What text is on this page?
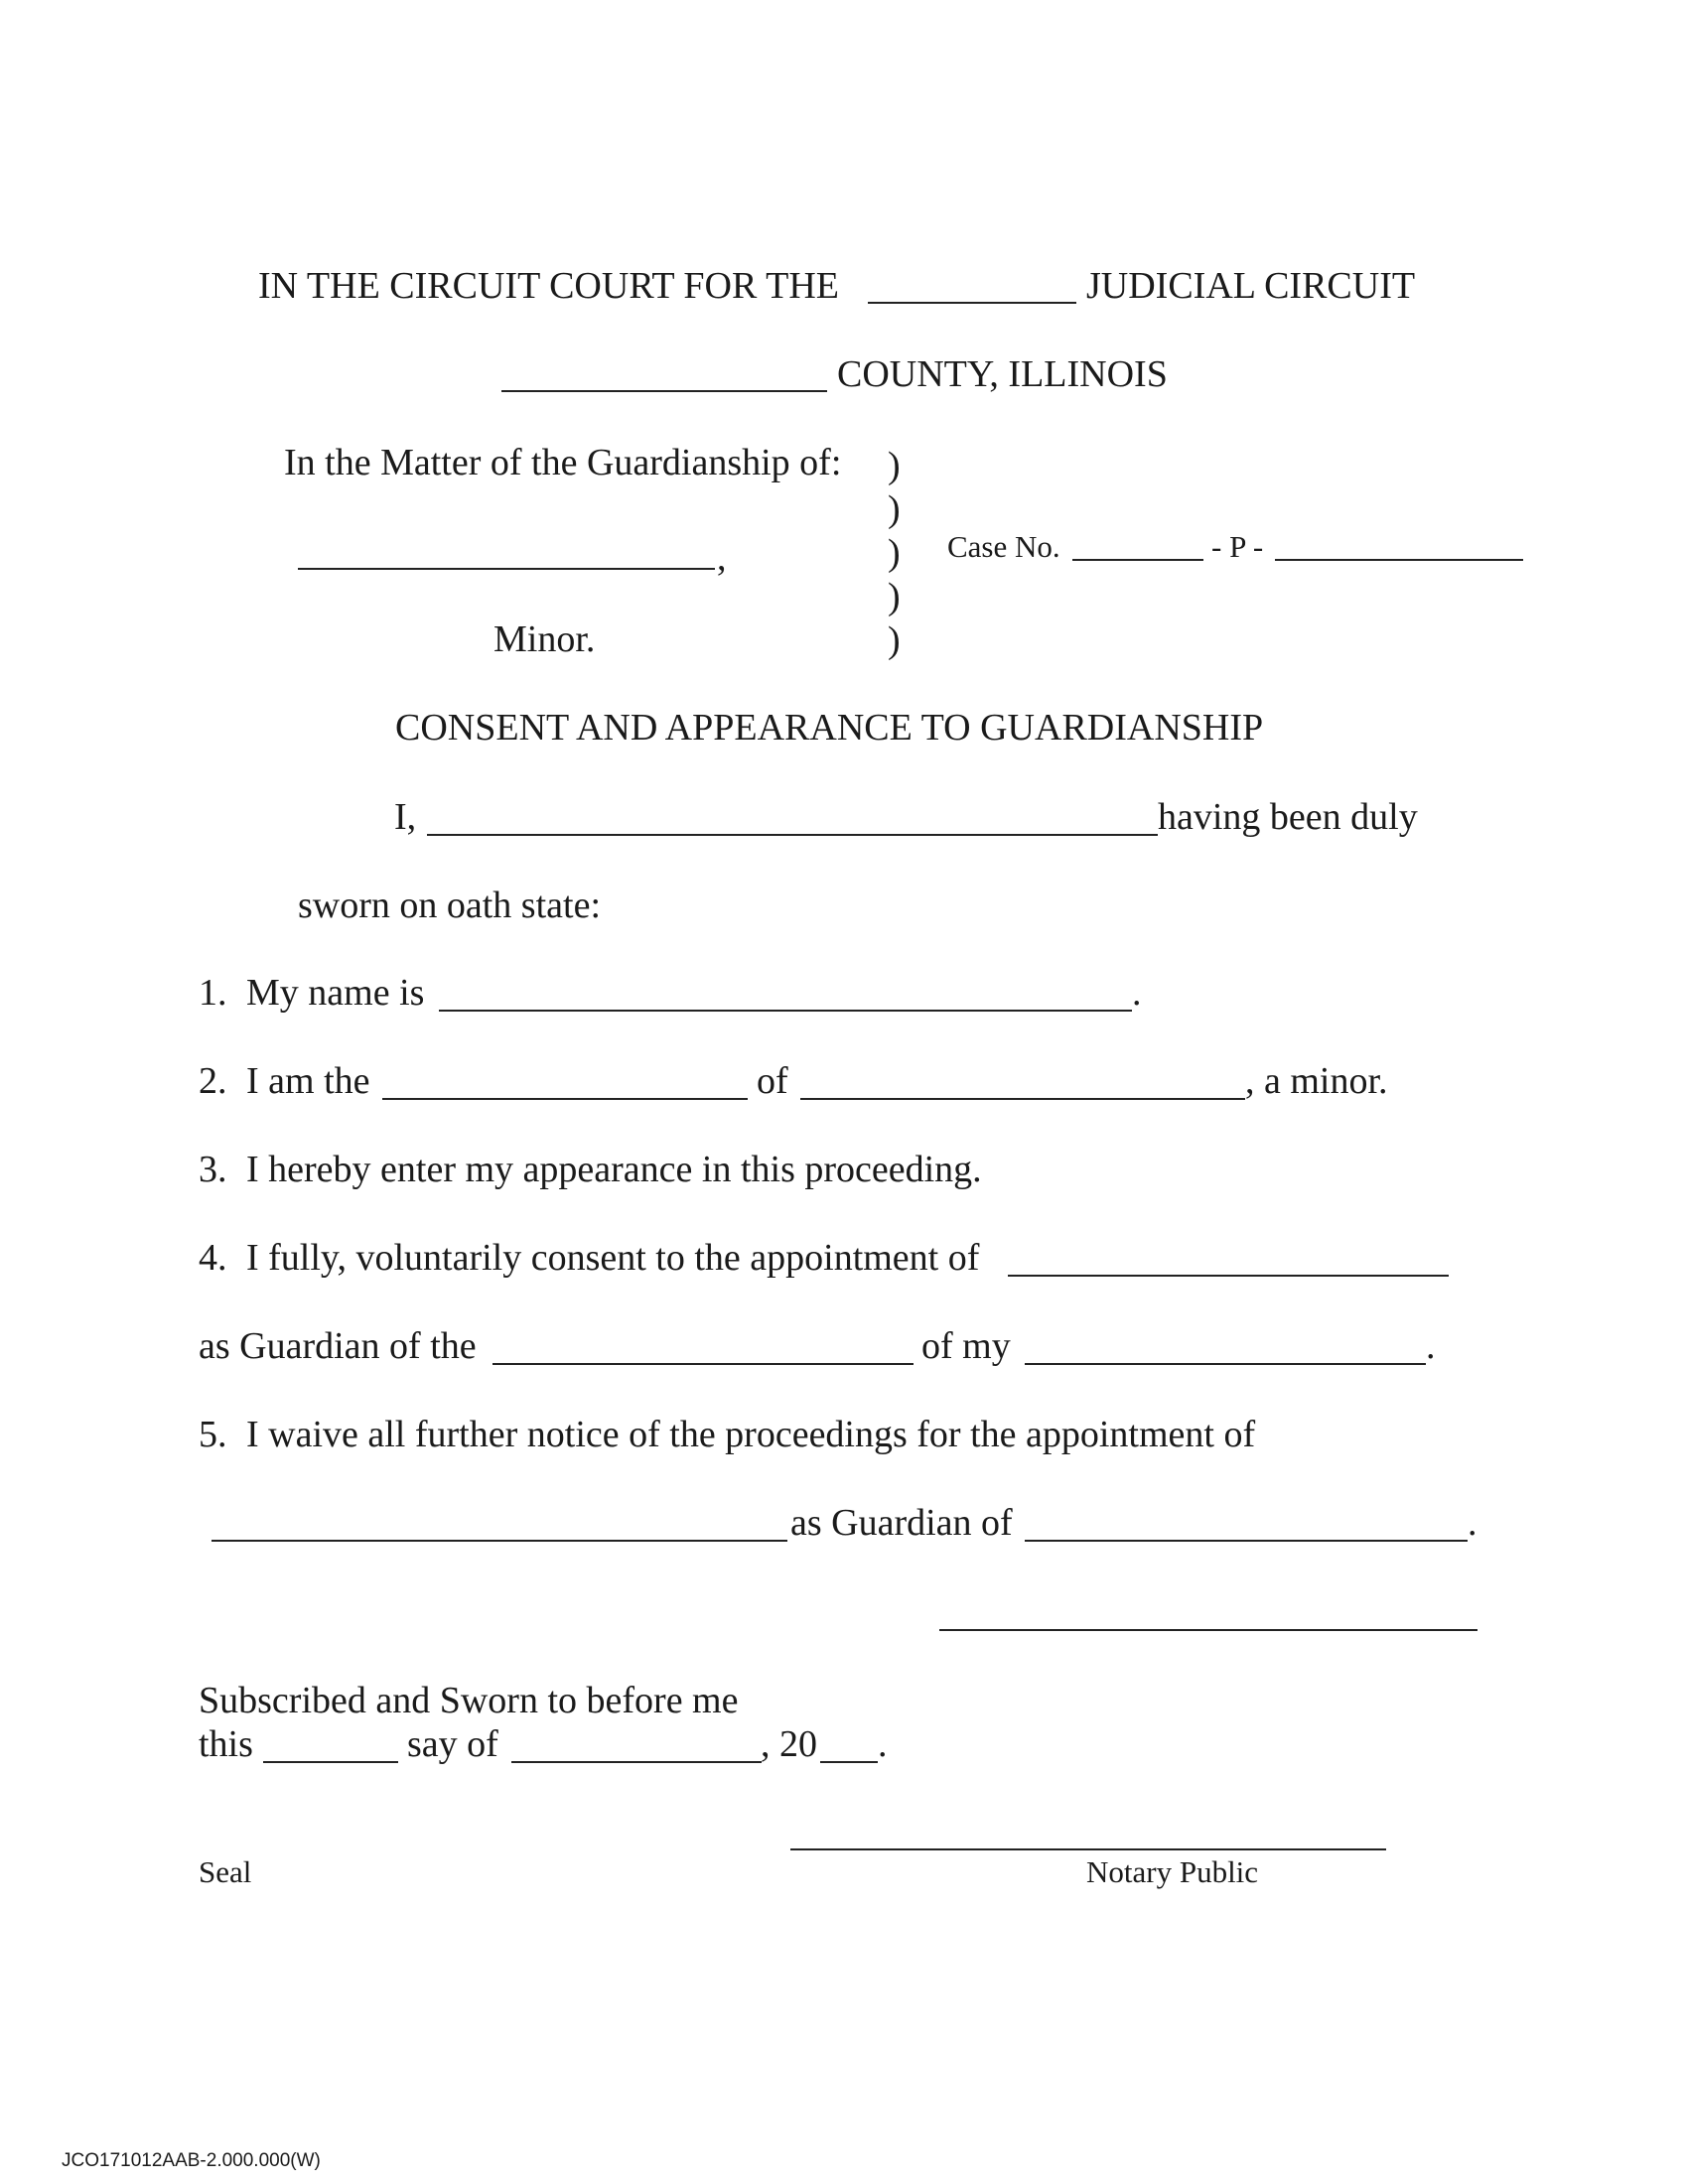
IN THE CIRCUIT COURT FOR THE	JUDICIAL CIRCUIT
COUNTY, ILLINOIS
In the Matter of the Guardianship of: )
)
)
)
)
,	Case No.	- P -
Minor.
CONSENT AND APPEARANCE TO GUARDIANSHIP
I,	having been duly
sworn on oath state:
1. My name is	.
2. I am the	of	, a minor.
3. I hereby enter my appearance in this proceeding.
4. I fully, voluntarily consent to the appointment of
as Guardian of the	of my	.
5. I waive all further notice of the proceedings for the appointment of
as Guardian of	.
Subscribed and Sworn to before me
this	say of	, 20 .
Seal	Notary Public
JCO171012AAB-2.000.000(W)
